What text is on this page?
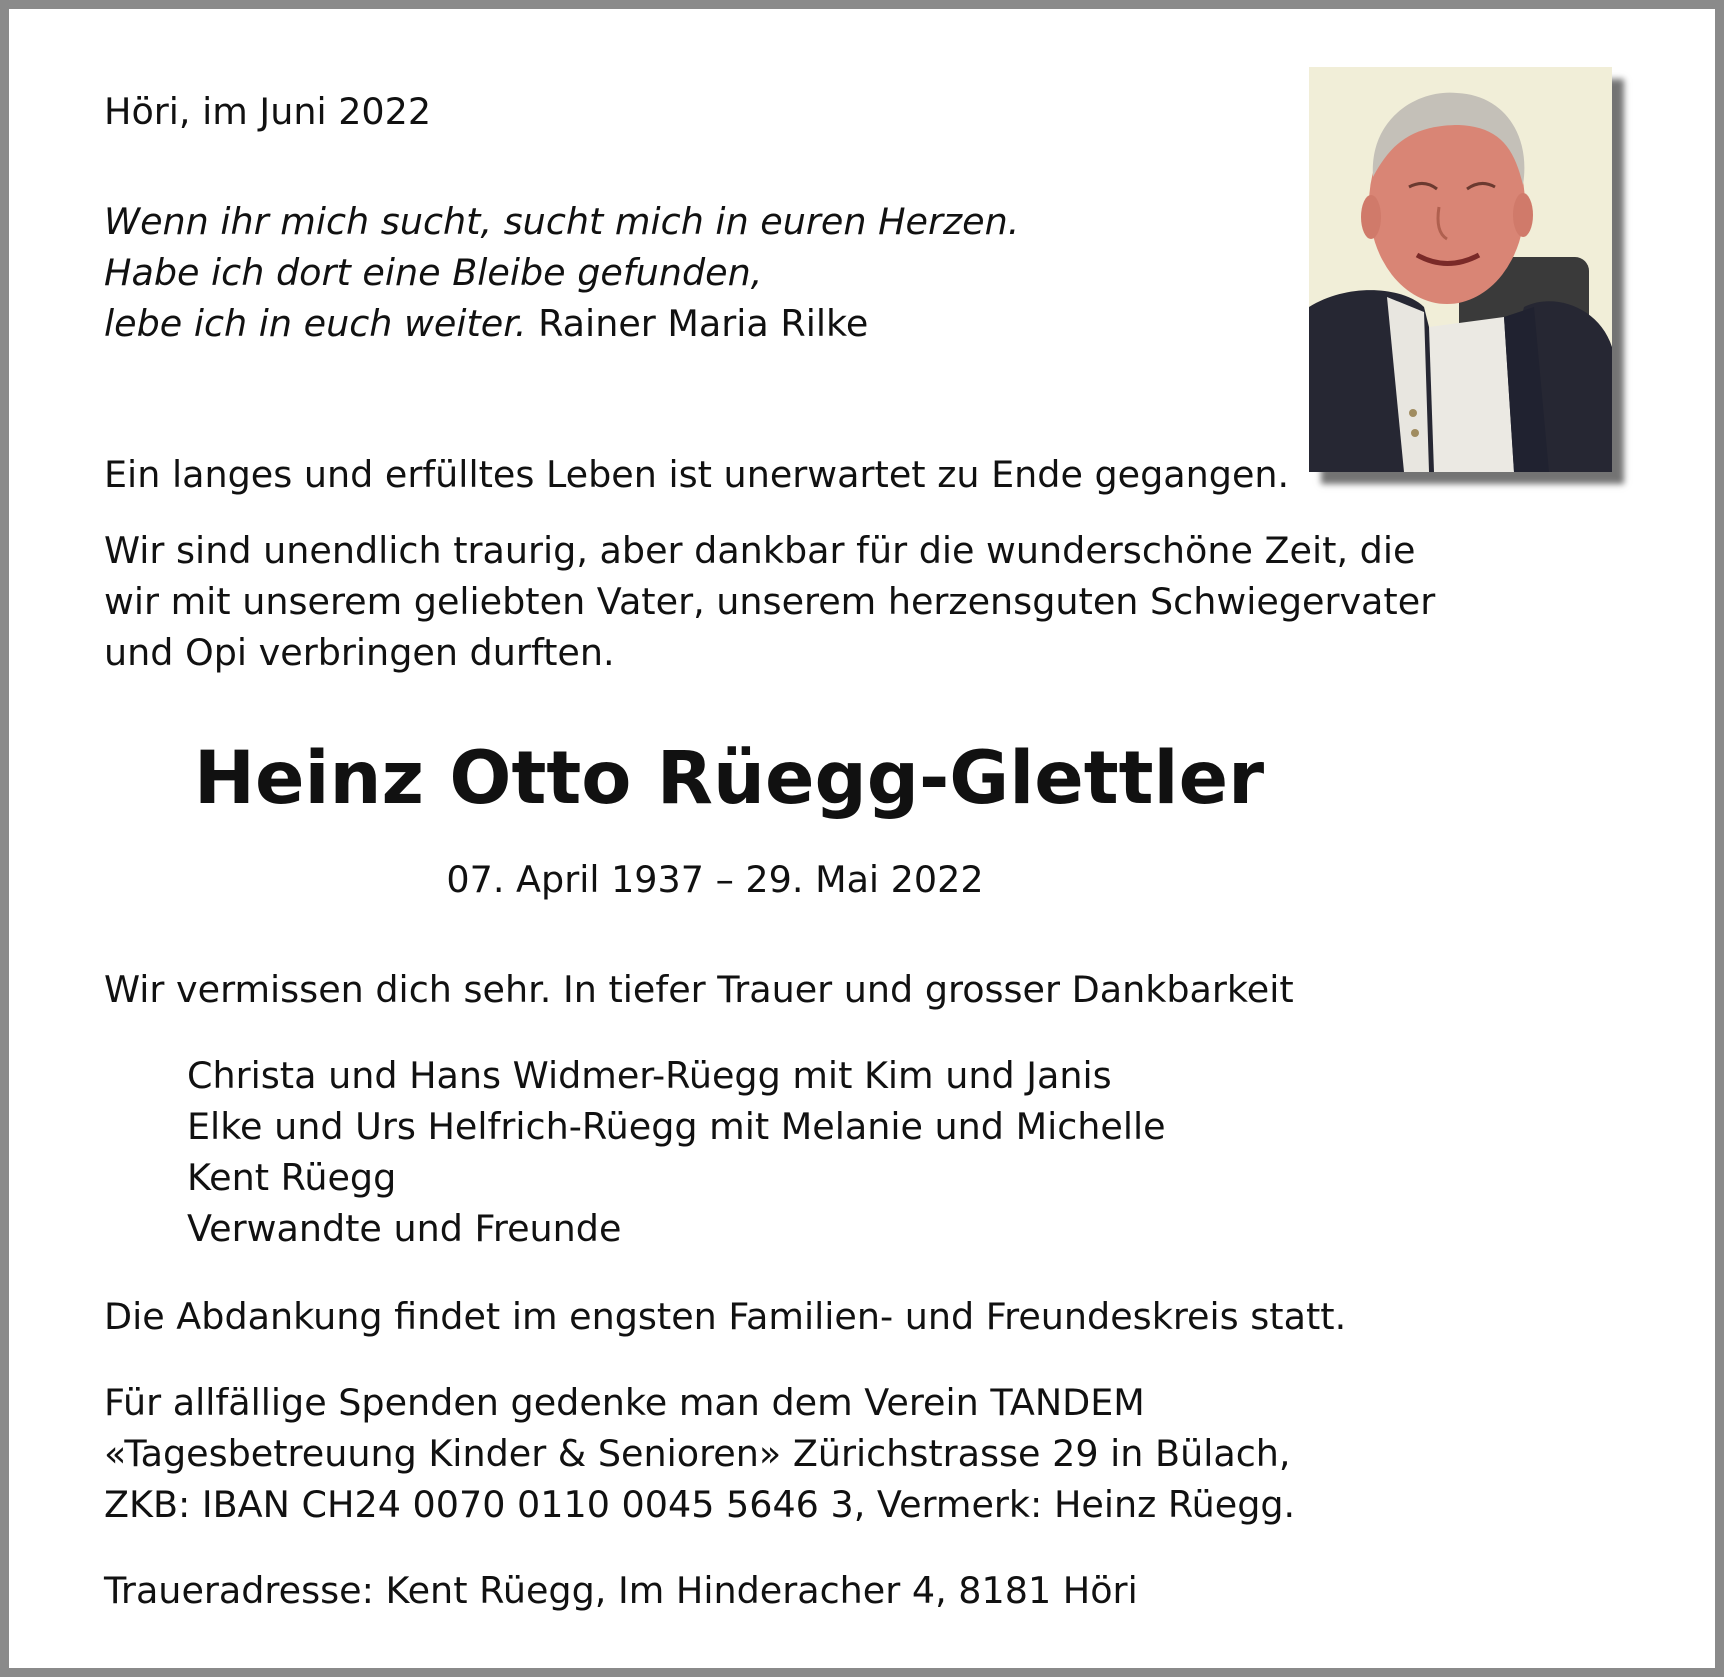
Höri, im Juni 2022
Wenn ihr mich sucht, sucht mich in euren Herzen.
Habe ich dort eine Bleibe gefunden,
lebe ich in euch weiter. Rainer Maria Rilke
Ein langes und erfülltes Leben ist unerwartet zu Ende gegangen.
Wir sind unendlich traurig, aber dankbar für die wunderschöne Zeit, die
wir mit unserem geliebten Vater, unserem herzensguten Schwiegervater
und Opi verbringen durften.
Heinz Otto Rüegg-Glettler
07. April 1937 – 29. Mai 2022
Wir vermissen dich sehr. In tiefer Trauer und grosser Dankbarkeit
Christa und Hans Widmer-Rüegg mit Kim und Janis
Elke und Urs Helfrich-Rüegg mit Melanie und Michelle
Kent Rüegg
Verwandte und Freunde
Die Abdankung findet im engsten Familien- und Freundeskreis statt.
Für allfällige Spenden gedenke man dem Verein TANDEM
«Tagesbetreuung Kinder & Senioren» Zürichstrasse 29 in Bülach,
ZKB: IBAN CH24 0070 0110 0045 5646 3, Vermerk: Heinz Rüegg.
Traueradresse: Kent Rüegg, Im Hinderacher 4, 8181 Höri
